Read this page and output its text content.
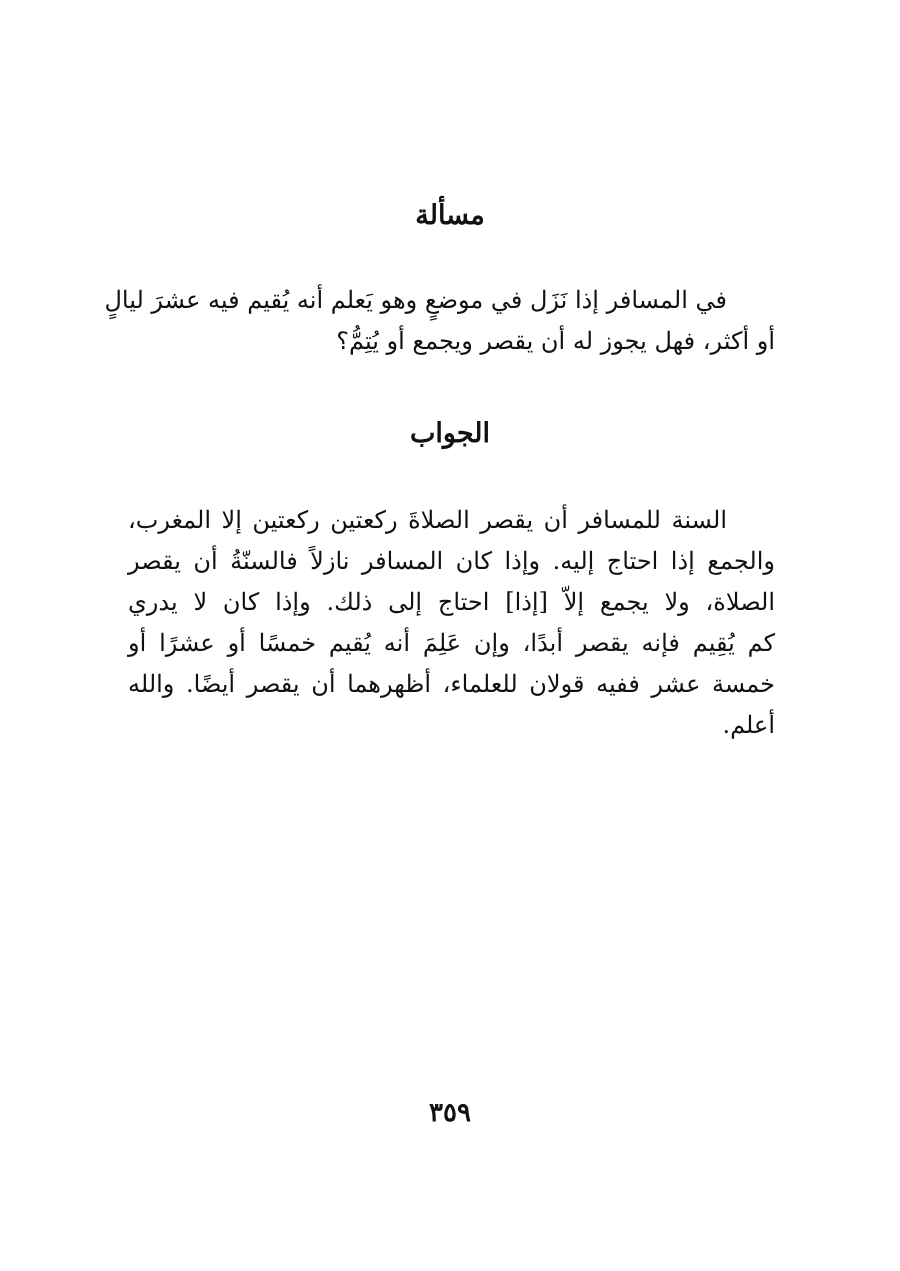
مسألة

في المسافر إذا نَزَل في موضعٍ وهو يَعلم أنه يُقيم فيه عشرَ ليالٍ
أو أكثر، فهل يجوز له أن يقصر ويجمع أو يُتِمُّ؟

الجواب

السنة للمسافر أن يقصر الصلاةَ ركعتين ركعتين إلا المغرب،
والجمع إذا احتاج إليه. وإذا كان المسافر نازلاً فالسنّةُ أن يقصر
الصلاة، ولا يجمع إلاّ [إذا] احتاج إلى ذلك. وإذا كان لا يدري
كم يُقِيم فإنه يقصر أبدًا، وإن عَلِمَ أنه يُقيم خمسًا أو عشرًا أو
خمسة عشر ففيه قولان للعلماء، أظهرهما أن يقصر أيضًا. والله
أعلم.

٣٥٩
